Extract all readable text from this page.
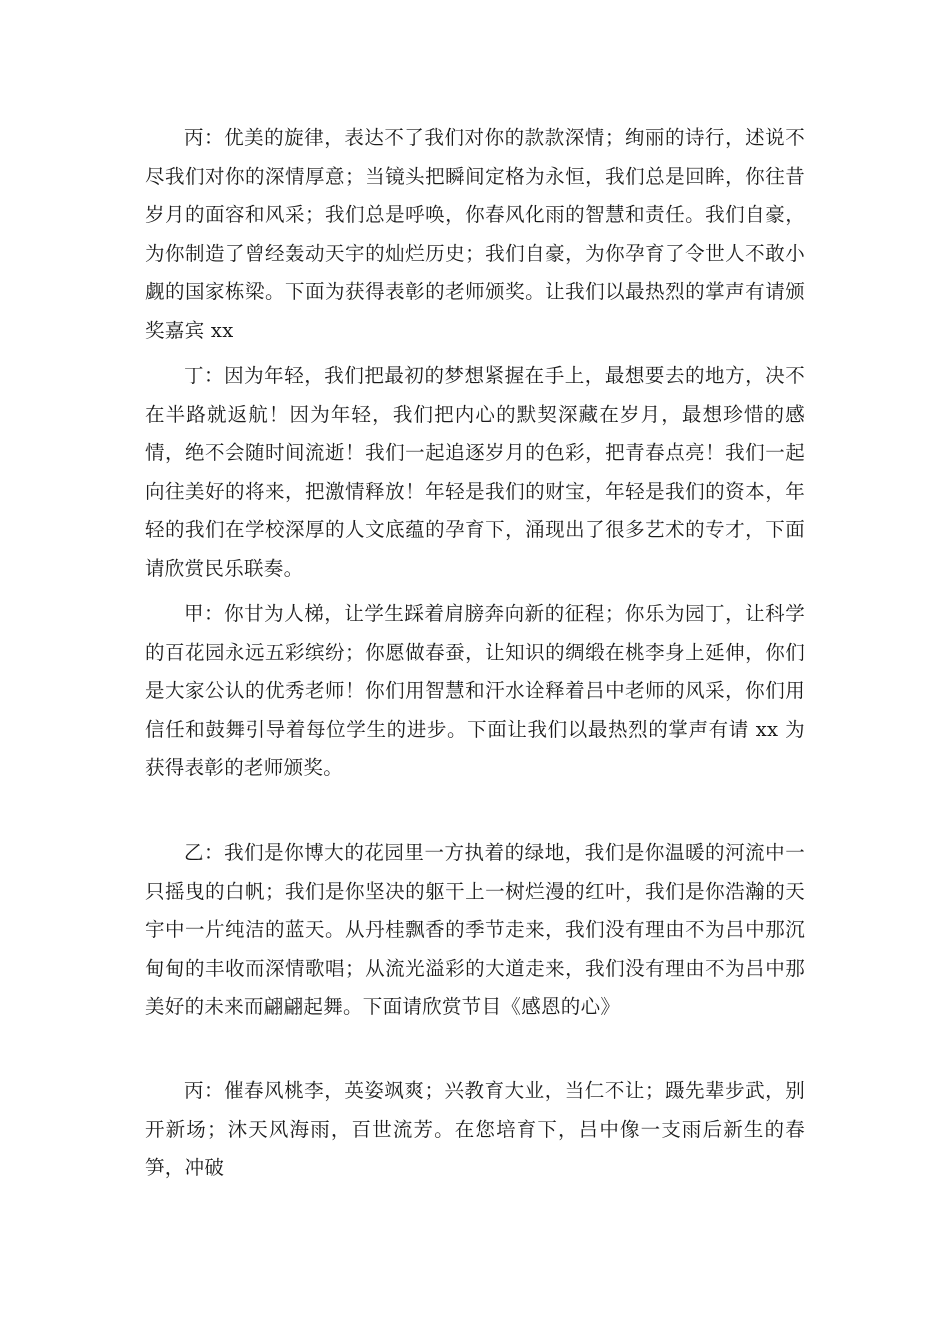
丙：优美的旋律，表达不了我们对你的款款深情；绚丽的诗行，述说不尽我们对你的深情厚意；当镜头把瞬间定格为永恒，我们总是回眸，你往昔岁月的面容和风采；我们总是呼唤，你春风化雨的智慧和责任。我们自豪，为你制造了曾经轰动天宇的灿烂历史；我们自豪，为你孕育了令世人不敢小觑的国家栋梁。下面为获得表彰的老师颁奖。让我们以最热烈的掌声有请颁奖嘉宾 xx

丁：因为年轻，我们把最初的梦想紧握在手上，最想要去的地方，决不在半路就返航！因为年轻，我们把内心的默契深藏在岁月，最想珍惜的感情，绝不会随时间流逝！我们一起追逐岁月的色彩，把青春点亮！我们一起向往美好的将来，把激情释放！年轻是我们的财宝，年轻是我们的资本，年轻的我们在学校深厚的人文底蕴的孕育下，涌现出了很多艺术的专才，下面请欣赏民乐联奏。

甲：你甘为人梯，让学生踩着肩膀奔向新的征程；你乐为园丁，让科学的百花园永远五彩缤纷；你愿做春蚕，让知识的绸缎在桃李身上延伸，你们是大家公认的优秀老师！你们用智慧和汗水诠释着吕中老师的风采，你们用信任和鼓舞引导着每位学生的进步。下面让我们以最热烈的掌声有请 xx 为获得表彰的老师颁奖。

乙：我们是你博大的花园里一方执着的绿地，我们是你温暖的河流中一只摇曳的白帆；我们是你坚决的躯干上一树烂漫的红叶，我们是你浩瀚的天宇中一片纯洁的蓝天。从丹桂飘香的季节走来，我们没有理由不为吕中那沉甸甸的丰收而深情歌唱；从流光溢彩的大道走来，我们没有理由不为吕中那美好的未来而翩翩起舞。下面请欣赏节目《感恩的心》

丙：催春风桃李，英姿飒爽；兴教育大业，当仁不让；蹑先辈步武，别开新场；沐天风海雨，百世流芳。在您培育下，吕中像一支雨后新生的春笋，冲破
